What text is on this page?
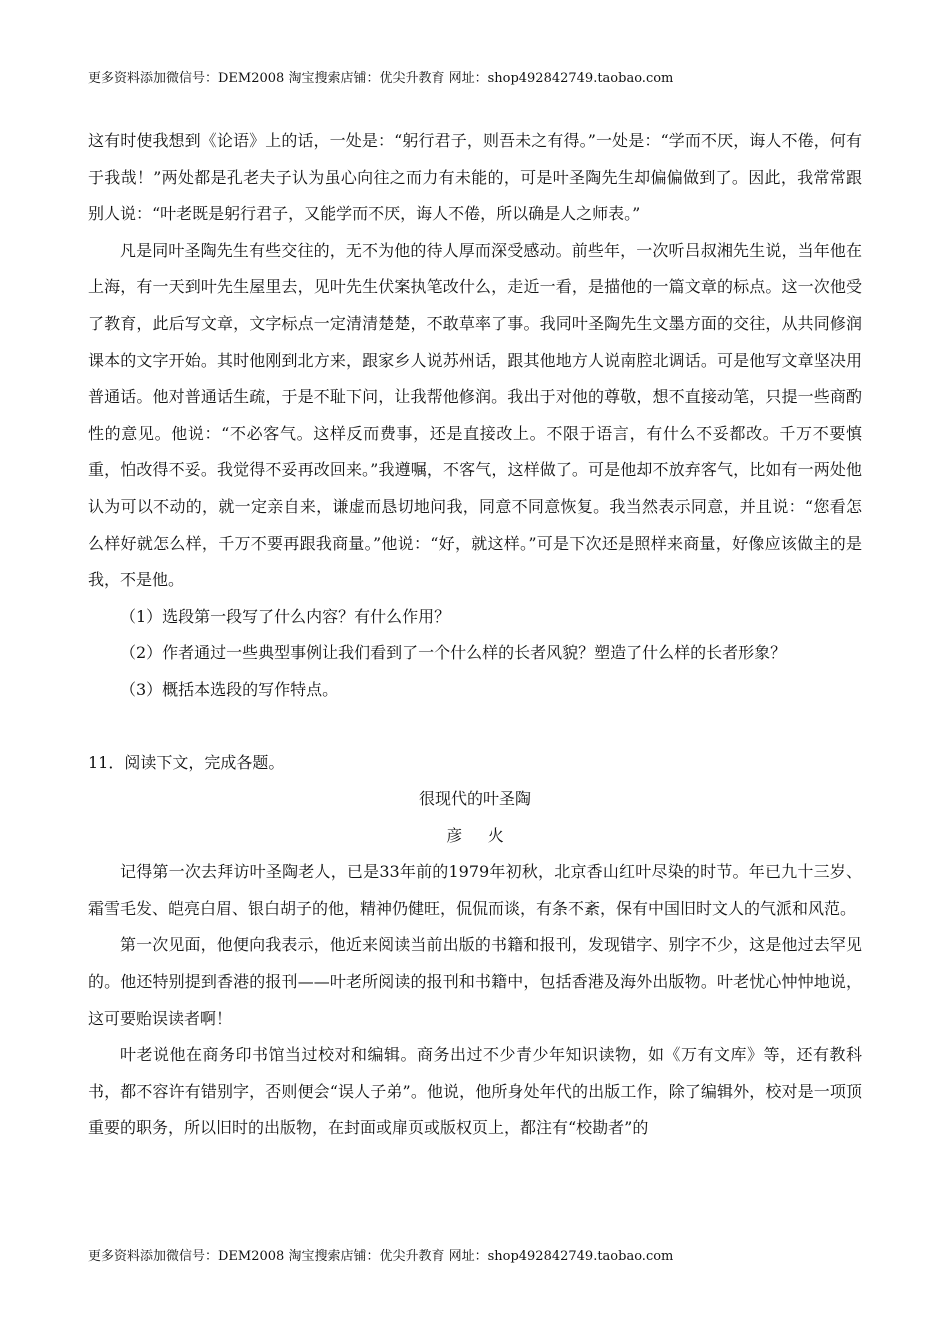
更多资料添加微信号：DEM2008 淘宝搜索店铺：优尖升教育 网址：shop492842749.taobao.com

这有时使我想到《论语》上的话，一处是：“躬行君子，则吾未之有得。”一处是：“学而不厌，诲人不倦，何有于我哉！”两处都是孔老夫子认为虽心向往之而力有未能的，可是叶圣陶先生却偏偏做到了。因此，我常常跟别人说：“叶老既是躬行君子，又能学而不厌，诲人不倦，所以确是人之师表。”

凡是同叶圣陶先生有些交往的，无不为他的待人厚而深受感动。前些年，一次听吕叔湘先生说，当年他在上海，有一天到叶先生屋里去，见叶先生伏案执笔改什么，走近一看，是描他的一篇文章的标点。这一次他受了教育，此后写文章，文字标点一定清清楚楚，不敢草率了事。我同叶圣陶先生文墨方面的交往，从共同修润课本的文字开始。其时他刚到北方来，跟家乡人说苏州话，跟其他地方人说南腔北调话。可是他写文章坚决用普通话。他对普通话生疏，于是不耻下问，让我帮他修润。我出于对他的尊敬，想不直接动笔，只提一些商酌性的意见。他说：“不必客气。这样反而费事，还是直接改上。不限于语言，有什么不妥都改。千万不要慎重，怕改得不妥。我觉得不妥再改回来。”我遵嘱，不客气，这样做了。可是他却不放弃客气，比如有一两处他认为可以不动的，就一定亲自来，谦虚而恳切地问我，同意不同意恢复。我当然表示同意，并且说：“您看怎么样好就怎么样，千万不要再跟我商量。”他说：“好，就这样。”可是下次还是照样来商量，好像应该做主的是我，不是他。

（1）选段第一段写了什么内容？有什么作用？

（2）作者通过一些典型事例让我们看到了一个什么样的长者风貌？塑造了什么样的长者形象？

（3）概括本选段的写作特点。

11．阅读下文，完成各题。

很现代的叶圣陶

彦火

记得第一次去拜访叶圣陶老人，已是33年前的1979年初秋，北京香山红叶尽染的时节。年已九十三岁、霜雪毛发、皑亮白眉、银白胡子的他，精神仍健旺，侃侃而谈，有条不紊，保有中国旧时文人的气派和风范。

第一次见面，他便向我表示，他近来阅读当前出版的书籍和报刊，发现错字、别字不少，这是他过去罕见的。他还特别提到香港的报刊——叶老所阅读的报刊和书籍中，包括香港及海外出版物。叶老忧心忡忡地说，这可要贻误读者啊！

叶老说他在商务印书馆当过校对和编辑。商务出过不少青少年知识读物，如《万有文库》等，还有教科书，都不容许有错别字，否则便会“误人子弟”。他说，他所身处年代的出版工作，除了编辑外，校对是一项顶重要的职务，所以旧时的出版物，在封面或扉页或版权页上，都注有“校勘者”的

更多资料添加微信号：DEM2008 淘宝搜索店铺：优尖升教育 网址：shop492842749.taobao.com
